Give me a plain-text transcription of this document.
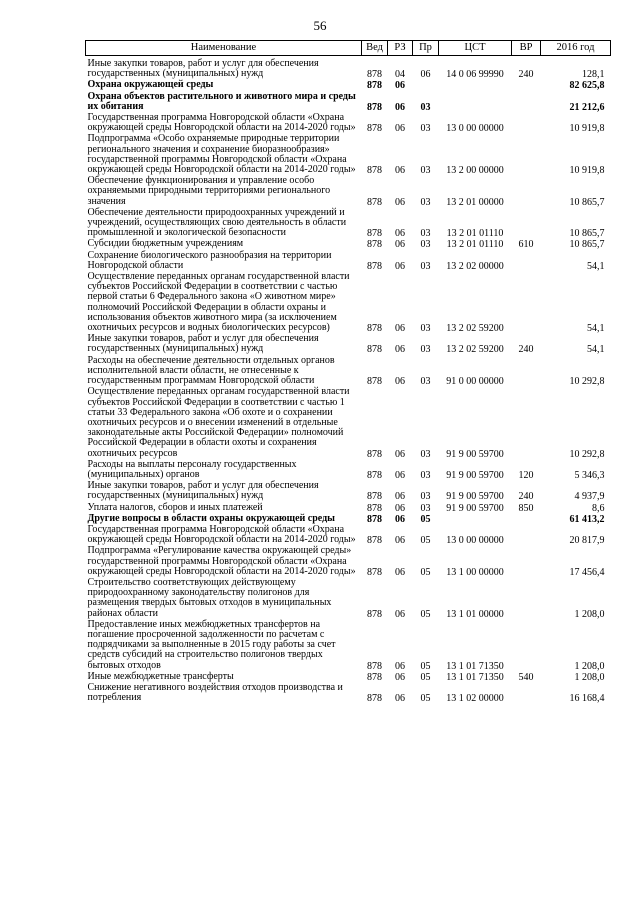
56
Наименование	Вед	РЗ	Пр	ЦСТ	ВР	2016 год
Иные закупки товаров, работ и услуг для обеспечения государственных (муниципальных) нужд	878	04	06	14 0 06 99990	240	128,1
Охрана окружающей среды	878	06				82 625,8
Охрана объектов растительного и животного мира и среды их обитания	878	06	03			21 212,6
Государственная программа Новгородской области «Охрана окружающей среды Новгородской области на 2014-2020 годы»	878	06	03	13 0 00 00000		10 919,8
Подпрограмма «Особо охраняемые природные территории регионального значения и сохранение биоразнообразия» государственной программы Новгородской области «Охрана окружающей среды Новгородской области на 2014-2020 годы»	878	06	03	13 2 00 00000		10 919,8
Обеспечение функционирования и управление особо охраняемыми природными территориями регионального значения	878	06	03	13 2 01 00000		10 865,7
Обеспечение деятельности природоохранных учреждений и учреждений, осуществляющих свою деятельность в области промышленной и экологической безопасности	878	06	03	13 2 01 01110		10 865,7
Субсидии бюджетным учреждениям	878	06	03	13 2 01 01110	610	10 865,7
Сохранение биологического разнообразия на территории Новгородской области	878	06	03	13 2 02 00000		54,1
Осуществление переданных органам государственной власти субъектов Российской Федерации в соответствии с частью первой статьи 6 Федерального закона «О животном мире» полномочий Российской Федерации в области охраны и использования объектов животного мира (за исключением охотничьих ресурсов и водных биологических ресурсов)	878	06	03	13 2 02 59200		54,1
Иные закупки товаров, работ и услуг для обеспечения государственных (муниципальных) нужд	878	06	03	13 2 02 59200	240	54,1
Расходы на обеспечение деятельности отдельных органов исполнительной власти области, не отнесенные к государственным программам Новгородской области	878	06	03	91 0 00 00000		10 292,8
Осуществление переданных органам государственной власти субъектов Российской Федерации в соответствии с частью 1 статьи 33 Федерального закона «Об охоте и о сохранении охотничьих ресурсов и о внесении изменений в отдельные законодательные акты Российской Федерации» полномочий Российской Федерации в области охоты и сохранения охотничьих ресурсов	878	06	03	91 9 00 59700		10 292,8
Расходы на выплаты персоналу государственных (муниципальных) органов	878	06	03	91 9 00 59700	120	5 346,3
Иные закупки товаров, работ и услуг для обеспечения государственных (муниципальных) нужд	878	06	03	91 9 00 59700	240	4 937,9
Уплата налогов, сборов и иных платежей	878	06	03	91 9 00 59700	850	8,6
Другие вопросы в области охраны окружающей среды	878	06	05			61 413,2
Государственная программа Новгородской области «Охрана окружающей среды Новгородской области на 2014-2020 годы»	878	06	05	13 0 00 00000		20 817,9
Подпрограмма «Регулирование качества окружающей среды» государственной программы Новгородской области «Охрана окружающей среды Новгородской области на 2014-2020 годы»	878	06	05	13 1 00 00000		17 456,4
Строительство соответствующих действующему природоохранному законодательству полигонов для размещения твердых бытовых отходов в муниципальных районах области	878	06	05	13 1 01 00000		1 208,0
Предоставление иных межбюджетных трансфертов на погашение просроченной задолженности по расчетам с подрядчиками за выполненные в 2015 году работы за счет средств субсидий на строительство полигонов твердых бытовых отходов	878	06	05	13 1 01 71350		1 208,0
Иные межбюджетные трансферты	878	06	05	13 1 01 71350	540	1 208,0
Снижение негативного воздействия отходов производства и потребления	878	06	05	13 1 02 00000		16 168,4
